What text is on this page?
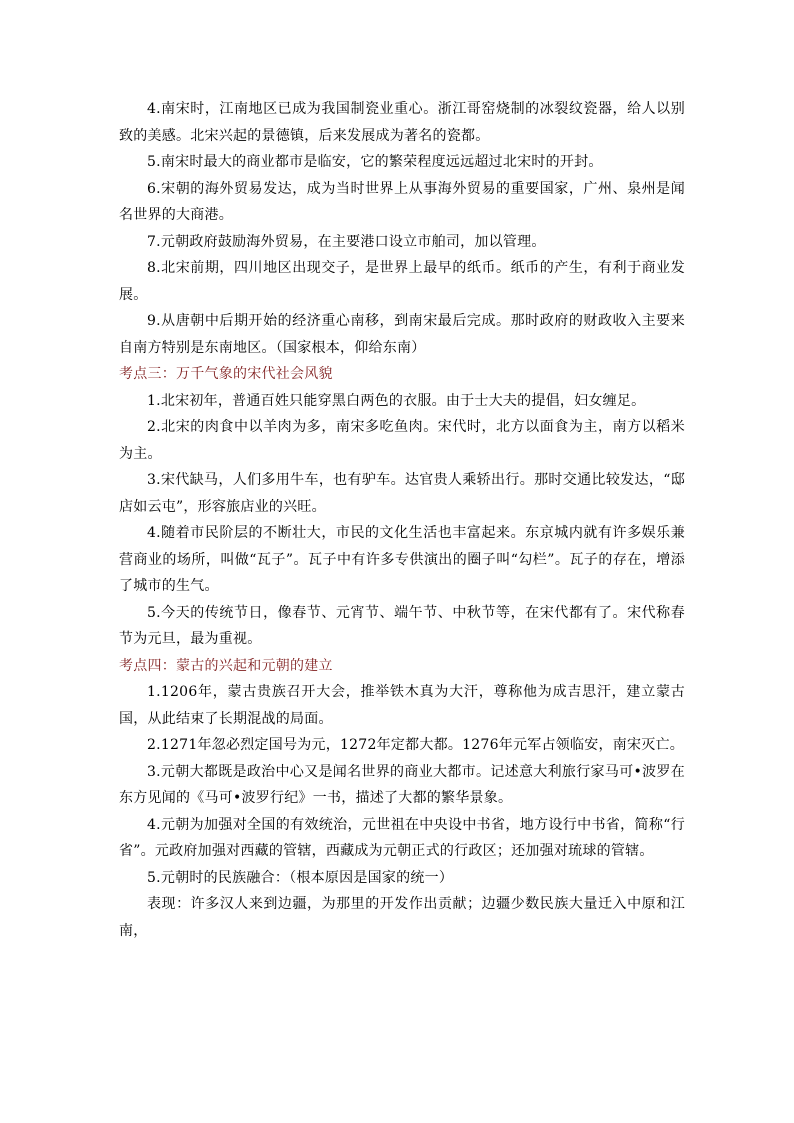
4.南宋时，江南地区已成为我国制瓷业重心。浙江哥窑烧制的冰裂纹瓷器，给人以别致的美感。北宋兴起的景德镇，后来发展成为著名的瓷都。

5.南宋时最大的商业都市是临安，它的繁荣程度远远超过北宋时的开封。

6.宋朝的海外贸易发达，成为当时世界上从事海外贸易的重要国家，广州、泉州是闻名世界的大商港。

7.元朝政府鼓励海外贸易，在主要港口设立市舶司，加以管理。

8.北宋前期，四川地区出现交子，是世界上最早的纸币。纸币的产生，有利于商业发展。

9.从唐朝中后期开始的经济重心南移，到南宋最后完成。那时政府的财政收入主要来自南方特别是东南地区。（国家根本，仰给东南）

考点三：万千气象的宋代社会风貌

1.北宋初年，普通百姓只能穿黑白两色的衣服。由于士大夫的提倡，妇女缠足。

2.北宋的肉食中以羊肉为多，南宋多吃鱼肉。宋代时，北方以面食为主，南方以稻米为主。

3.宋代缺马，人们多用牛车，也有驴车。达官贵人乘轿出行。那时交通比较发达，“邸店如云屯”，形容旅店业的兴旺。

4.随着市民阶层的不断壮大，市民的文化生活也丰富起来。东京城内就有许多娱乐兼营商业的场所，叫做“瓦子”。瓦子中有许多专供演出的圈子叫“勾栏”。瓦子的存在，增添了城市的生气。

5.今天的传统节日，像春节、元宵节、端午节、中秋节等，在宋代都有了。宋代称春节为元旦，最为重视。

考点四：蒙古的兴起和元朝的建立

1.1206年，蒙古贵族召开大会，推举铁木真为大汗，尊称他为成吉思汗，建立蒙古国，从此结束了长期混战的局面。

2.1271年忽必烈定国号为元，1272年定都大都。1276年元军占领临安，南宋灭亡。

3.元朝大都既是政治中心又是闻名世界的商业大都市。记述意大利旅行家马可•波罗在东方见闻的《马可•波罗行纪》一书，描述了大都的繁华景象。

4.元朝为加强对全国的有效统治，元世祖在中央设中书省，地方设行中书省，简称“行省”。元政府加强对西藏的管辖，西藏成为元朝正式的行政区；还加强对琉球的管辖。

5.元朝时的民族融合：（根本原因是国家的统一）

表现：许多汉人来到边疆，为那里的开发作出贡献；边疆少数民族大量迁入中原和江南，
